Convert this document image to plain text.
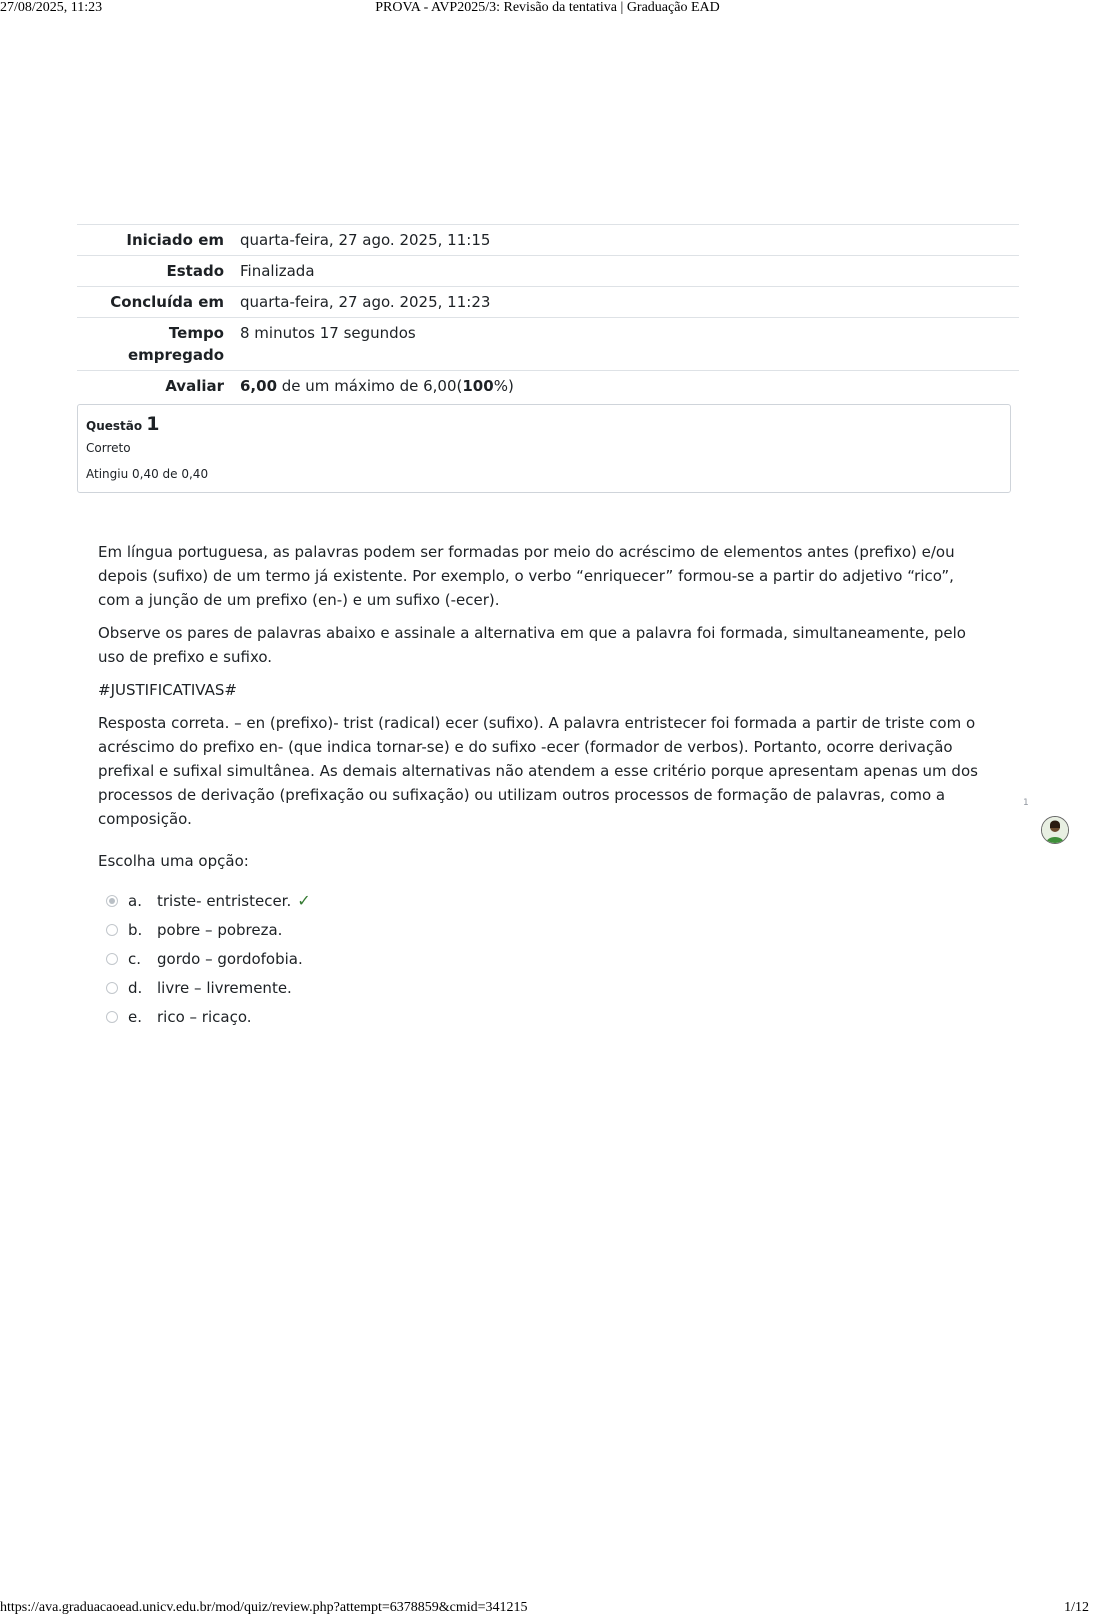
27/08/2025, 11:23	PROVA - AVP2025/3: Revisão da tentativa | Graduação EAD
Iniciado em	quarta-feira, 27 ago. 2025, 11:15
Estado	Finalizada
Concluída em	quarta-feira, 27 ago. 2025, 11:23
Tempo empregado	8 minutos 17 segundos
Avaliar	6,00 de um máximo de 6,00(100%)
Questão 1
Correto
Atingiu 0,40 de 0,40

Em língua portuguesa, as palavras podem ser formadas por meio do acréscimo de elementos antes (prefixo) e/ou depois (sufixo) de um termo já existente. Por exemplo, o verbo “enriquecer” formou-se a partir do adjetivo “rico”, com a junção de um prefixo (en-) e um sufixo (-ecer).

Observe os pares de palavras abaixo e assinale a alternativa em que a palavra foi formada, simultaneamente, pelo uso de prefixo e sufixo.

#JUSTIFICATIVAS#

Resposta correta. – en (prefixo)- trist (radical) ecer (sufixo). A palavra entristecer foi formada a partir de triste com o acréscimo do prefixo en- (que indica tornar-se) e do sufixo -ecer (formador de verbos). Portanto, ocorre derivação prefixal e sufixal simultânea. As demais alternativas não atendem a esse critério porque apresentam apenas um dos processos de derivação (prefixação ou sufixação) ou utilizam outros processos de formação de palavras, como a composição.

Escolha uma opção:
a.	triste- entristecer. ✓
b. pobre – pobreza.
c.	gordo – gordofobia.
d. livre – livremente.
e.	rico – ricaço.
1
https://ava.graduacaoead.unicv.edu.br/mod/quiz/review.php?attempt=6378859&cmid=341215	1/12
